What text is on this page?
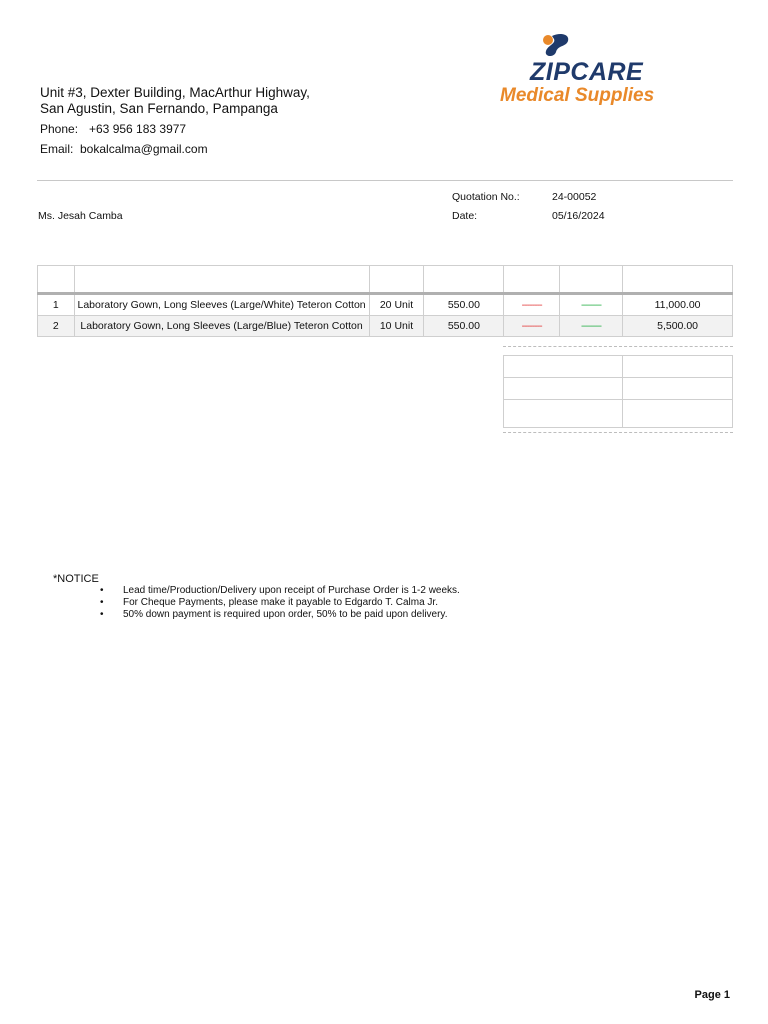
Unit #3, Dexter Building, MacArthur Highway,
San Agustin, San Fernando, Pampanga
Phone: +63 956 183 3977
Email: bokalcalma@gmail.com
ZIPCARE
Medical Supplies
Quotation No.:	24-00052
Date:	05/16/2024
Ms. Jesah Camba

1	Laboratory Gown, Long Sleeves (Large/White) Teteron Cotton	20 Unit	550.00	--------	--------	11,000.00
2	Laboratory Gown, Long Sleeves (Large/Blue) Teteron Cotton	10 Unit	550.00	--------	--------	5,500.00

*NOTICE
• Lead time/Production/Delivery upon receipt of Purchase Order is 1-2 weeks.
• For Cheque Payments, please make it payable to Edgardo T. Calma Jr.
• 50% down payment is required upon order, 50% to be paid upon delivery.
Page 1
